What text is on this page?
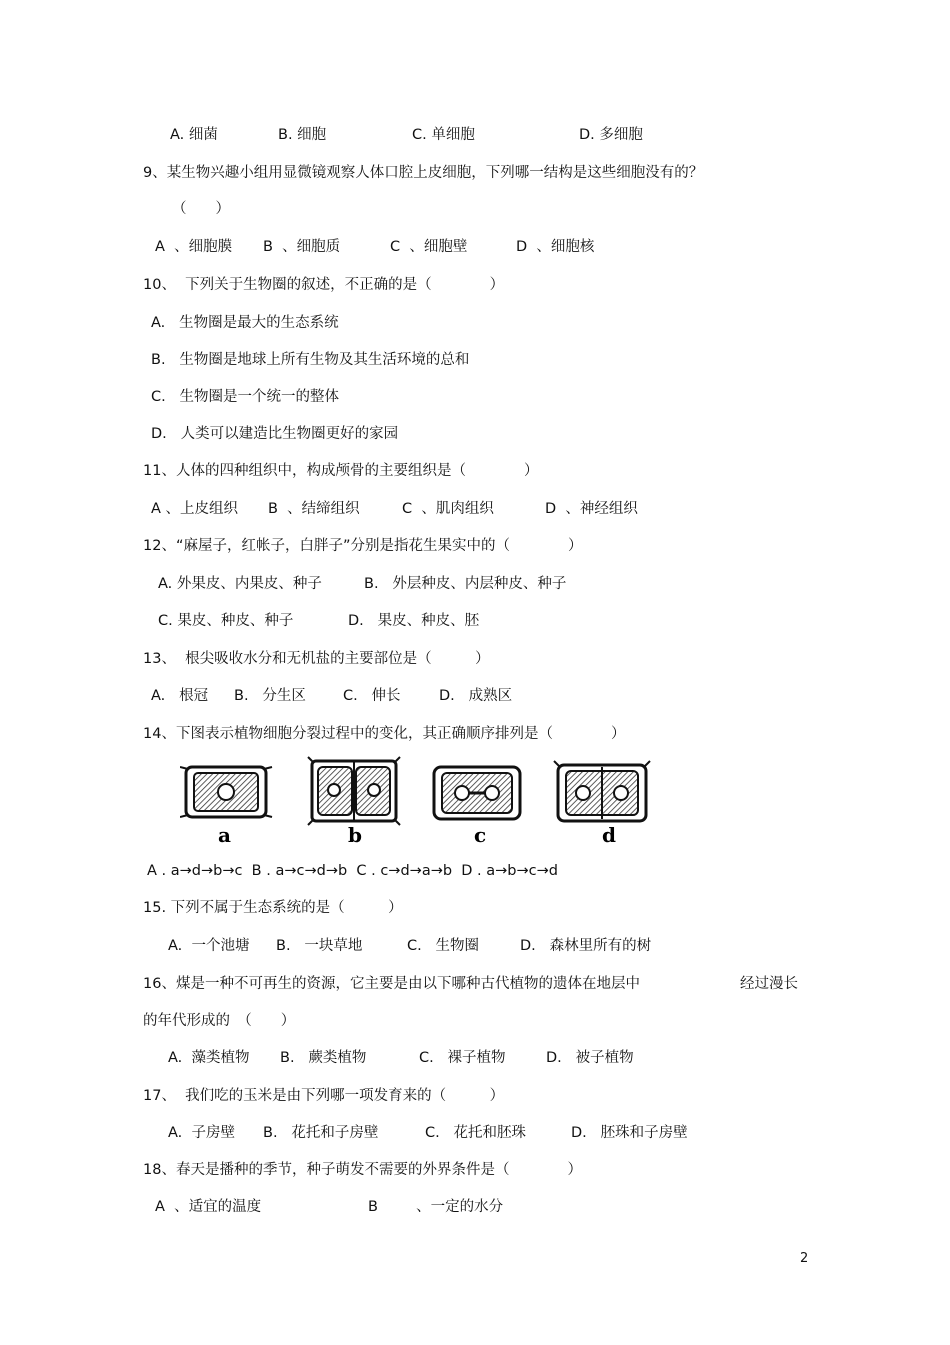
A. 细菌	B. 细胞	C. 单细胞	D. 多细胞
9、某生物兴趣小组用显微镜观察人体口腔上皮细胞，下列哪一结构是这些细胞没有的？
（　　）
A  、细胞膜 B  、细胞质	C  、细胞壁	D  、细胞核
10、  下列关于生物圈的叙述，不正确的是（　　　　）
A.   生物圈是最大的生态系统
B.   生物圈是地球上所有生物及其生活环境的总和
C.   生物圈是一个统一的整体
D.   人类可以建造比生物圈更好的家园
11、人体的四种组织中，构成颅骨的主要组织是（　　　　）
A 、上皮组织 B  、结缔组织	C  、肌肉组织	D  、神经组织
12、“麻屋子，红帐子，白胖子”分别是指花生果实中的（　　　　）
A. 外果皮、内果皮、种子	B.   外层种皮、内层种皮、种子
C. 果皮、种皮、种子	D.   果皮、种皮、胚
13、  根尖吸收水分和无机盐的主要部位是（　　　）
A.   根冠 B.   分生区	C.   伸长	D.   成熟区
14、下图表示植物细胞分裂过程中的变化，其正确顺序排列是（　　　　）
a	b	c	d
A . a→d→b→c  B . a→c→d→b  C . c→d→a→b  D . a→b→c→d
15. 下列不属于生态系统的是（　　　）
A.  一个池塘 B.   一块草地	C.   生物圈	D.   森林里所有的树
16、煤是一种不可再生的资源，它主要是由以下哪种古代植物的遗体在地层中	经过漫长
的年代形成的　（　　）
A.  藻类植物 B.   蕨类植物	C.   裸子植物	D.   被子植物
17、  我们吃的玉米是由下列哪一项发育来的（　　　）
A.  子房壁 B.   花托和子房壁	C.   花托和胚珠	D.   胚珠和子房壁
18、春天是播种的季节，种子萌发不需要的外界条件是（　　　　）
A  、适宜的温度	B  　　、一定的水分
2
